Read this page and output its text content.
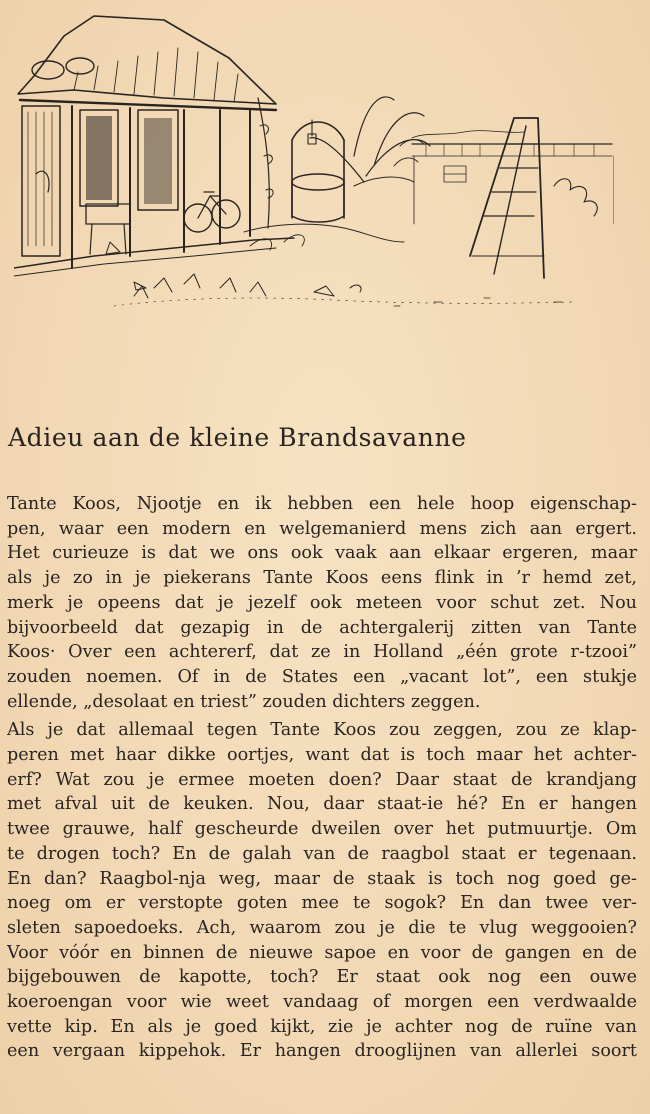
Adieu aan de kleine Brandsavanne

Tante Koos, Njootje en ik hebben een hele hoop eigenschap-
pen, waar een modern en welgemanierd mens zich aan ergert.
Het curieuze is dat we ons ook vaak aan elkaar ergeren, maar
als je zo in je piekerans Tante Koos eens flink in ’r hemd zet,
merk je opeens dat je jezelf ook meteen voor schut zet. Nou
bijvoorbeeld dat gezapig in de achtergalerij zitten van Tante
Koos· Over een achtererf, dat ze in Holland „één grote r-tzooi”
zouden noemen. Of in de States een „vacant lot”, een stukje
ellende, „desolaat en triest” zouden dichters zeggen.

Als je dat allemaal tegen Tante Koos zou zeggen, zou ze klap-
peren met haar dikke oortjes, want dat is toch maar het achter-
erf? Wat zou je ermee moeten doen? Daar staat de krandjang
met afval uit de keuken. Nou, daar staat-ie hé? En er hangen
twee grauwe, half gescheurde dweilen over het putmuurtje. Om
te drogen toch? En de galah van de raagbol staat er tegenaan.
En dan? Raagbol-nja weg, maar de staak is toch nog goed ge-
noeg om er verstopte goten mee te sogok? En dan twee ver-
sleten sapoedoeks. Ach, waarom zou je die te vlug weggooien?
Voor vóór en binnen de nieuwe sapoe en voor de gangen en de
bijgebouwen de kapotte, toch? Er staat ook nog een ouwe
koeroengan voor wie weet vandaag of morgen een verdwaalde
vette kip. En als je goed kijkt, zie je achter nog de ruïne van
een vergaan kippehok. Er hangen drooglijnen van allerlei soort
